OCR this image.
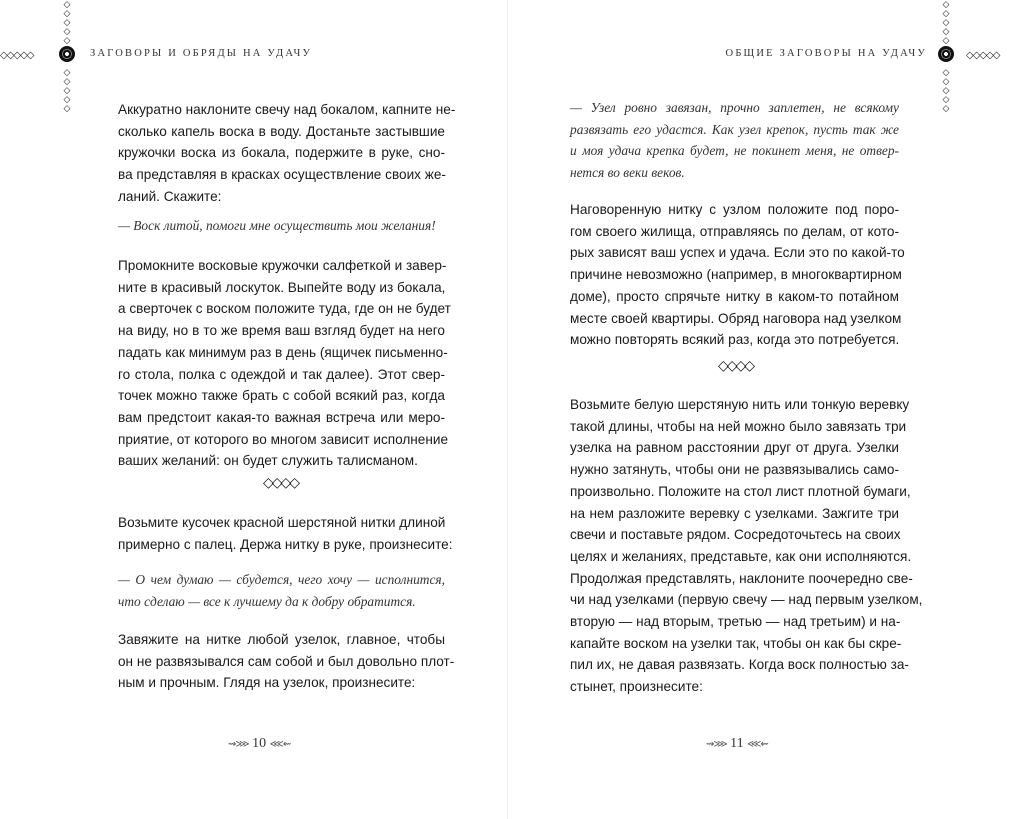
◇
◇
◇
◇
◇
◇
◇
◇
◇
◇
◇◇◇◇◇	ЗАГОВОРЫ И ОБРЯДЫ НА УДАЧУ
◇
◇
◇
◇
◇
◇
◇
◇
◇
◇
◇◇◇◇◇
ОБЩИЕ ЗАГОВОРЫ НА УДАЧУ
Аккуратно наклоните свечу над бокалом, капните не-
сколько капель воска в воду. Достаньте застывшие
кружочки воска из бокала, подержите в руке, сно-
ва представляя в красках осуществление своих же-
ланий. Скажите:
— Воск литой, помоги мне осуществить мои желания!
Промокните восковые кружочки салфеткой и завер-
ните в красивый лоскуток. Выпейте воду из бокала,
а сверточек с воском положите туда, где он не будет
на виду, но в то же время ваш взгляд будет на него
падать как минимум раз в день (ящичек письменно-
го стола, полка с одеждой и так далее). Этот свер-
точек можно также брать с собой всякий раз, когда
вам предстоит какая-то важная встреча или меро-
приятие, от которого во многом зависит исполнение
ваших желаний: он будет служить талисманом.
◇◇◇◇
Возьмите кусочек красной шерстяной нитки длиной
примерно с палец. Держа нитку в руке, произнесите:
— О чем думаю — сбудется, чего хочу — исполнится,
что сделаю — все к лучшему да к добру обратится.
Завяжите на нитке любой узелок, главное, чтобы
он не развязывался сам собой и был довольно плот-
ным и прочным. Глядя на узелок, произнесите:
— Узел ровно завязан, прочно заплетен, не всякому
развязать его удастся. Как узел крепок, пусть так же
и моя удача крепка будет, не покинет меня, не отвер-
нется во веки веков.
Наговоренную нитку с узлом положите под поро-
гом своего жилища, отправляясь по делам, от кото-
рых зависят ваш успех и удача. Если это по какой-то
причине невозможно (например, в многоквартирном
доме), просто спрячьте нитку в каком-то потайном
месте своей квартиры. Обряд наговора над узелком
можно повторять всякий раз, когда это потребуется.
◇◇◇◇
Возьмите белую шерстяную нить или тонкую веревку
такой длины, чтобы на ней можно было завязать три
узелка на равном расстоянии друг от друга. Узелки
нужно затянуть, чтобы они не развязывались само-
произвольно. Положите на стол лист плотной бумаги,
на нем разложите веревку с узелками. Зажгите три
свечи и поставьте рядом. Сосредоточьтесь на своих
целях и желаниях, представьте, как они исполняются.
Продолжая представлять, наклоните поочередно све-
чи над узелками (первую свечу — над первым узелком,
вторую — над вторым, третью — над третьим) и на-
капайте воском на узелки так, чтобы он как бы скре-
пил их, не давая развязать. Когда воск полностью за-
стынет, произнесите:
⇝⋙ 10 ⋘⇜	⇝⋙ 11 ⋘⇜
